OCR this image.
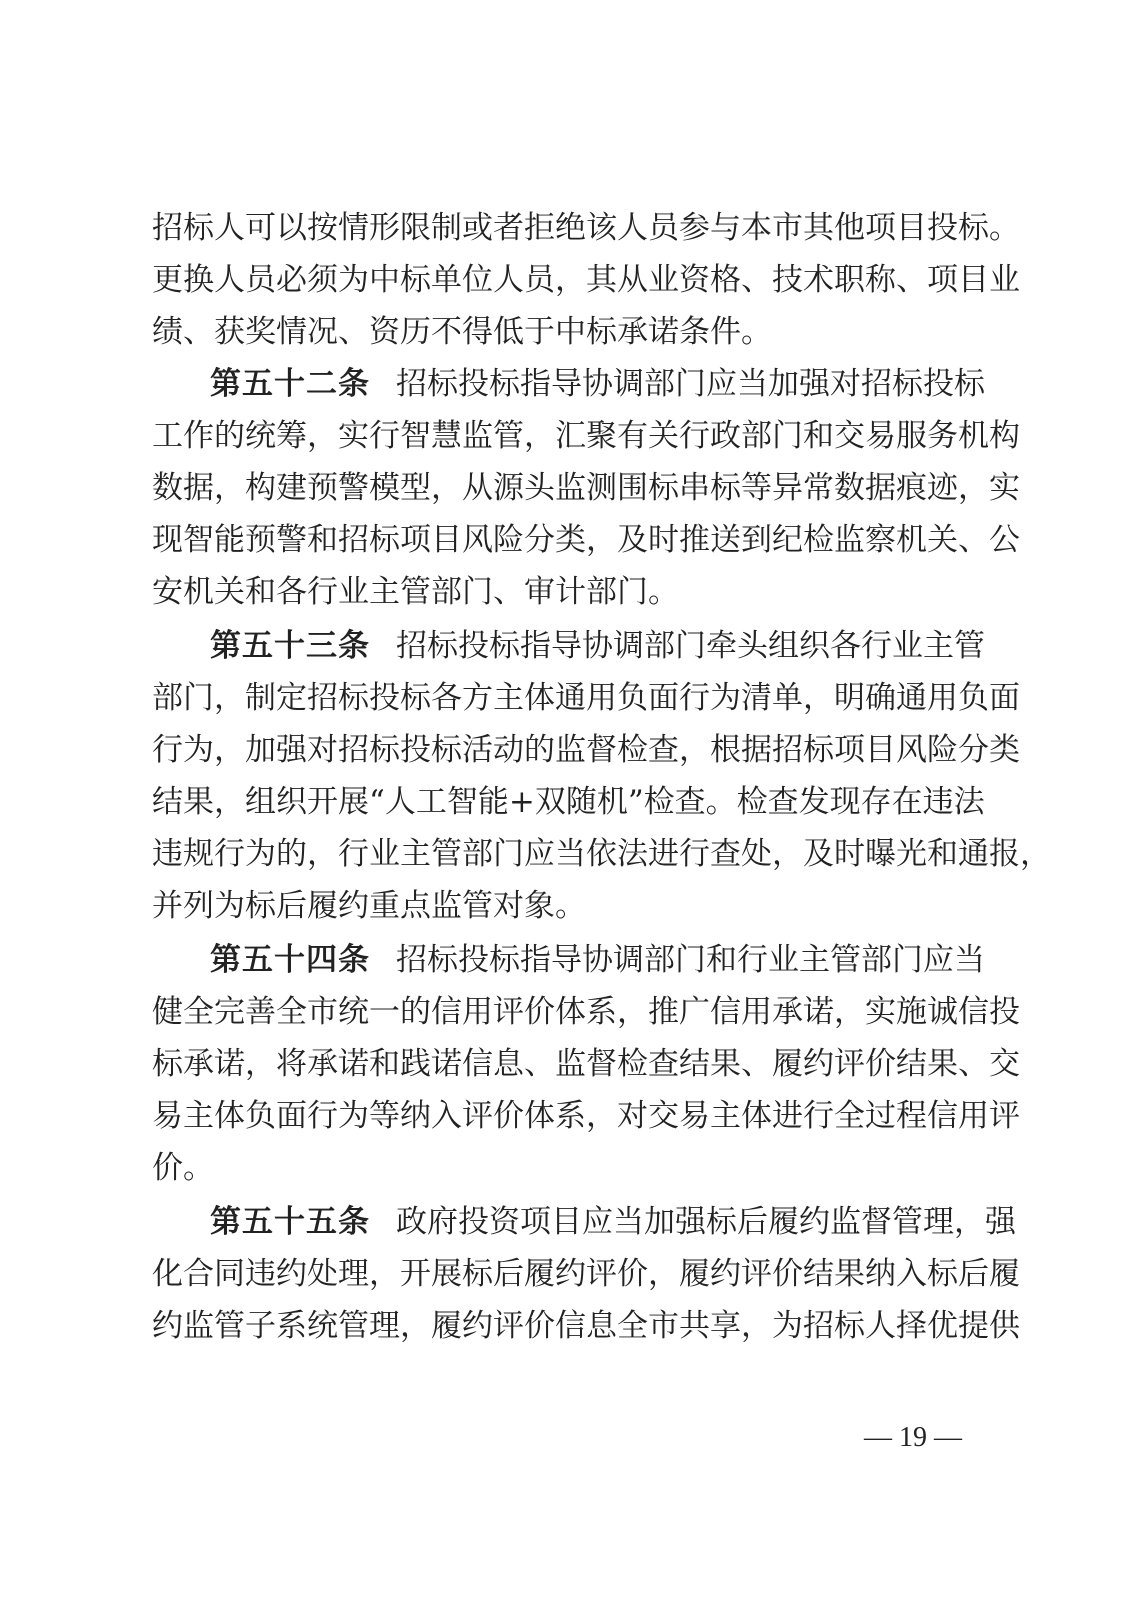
招标人可以按情形限制或者拒绝该人员参与本市其他项目投标。
更换人员必须为中标单位人员，其从业资格、技术职称、项目业
绩、获奖情况、资历不得低于中标承诺条件。
第五十二条 招标投标指导协调部门应当加强对招标投标
工作的统筹，实行智慧监管，汇聚有关行政部门和交易服务机构
数据，构建预警模型，从源头监测围标串标等异常数据痕迹，实
现智能预警和招标项目风险分类，及时推送到纪检监察机关、公
安机关和各行业主管部门、审计部门。
第五十三条 招标投标指导协调部门牵头组织各行业主管
部门，制定招标投标各方主体通用负面行为清单，明确通用负面
行为，加强对招标投标活动的监督检查，根据招标项目风险分类
结果，组织开展“人工智能+双随机”检查。检查发现存在违法
违规行为的，行业主管部门应当依法进行查处，及时曝光和通报，
并列为标后履约重点监管对象。
第五十四条 招标投标指导协调部门和行业主管部门应当
健全完善全市统一的信用评价体系，推广信用承诺，实施诚信投
标承诺，将承诺和践诺信息、监督检查结果、履约评价结果、交
易主体负面行为等纳入评价体系，对交易主体进行全过程信用评
价。
第五十五条 政府投资项目应当加强标后履约监督管理，强
化合同违约处理，开展标后履约评价，履约评价结果纳入标后履
约监管子系统管理，履约评价信息全市共享，为招标人择优提供
— 19 —
